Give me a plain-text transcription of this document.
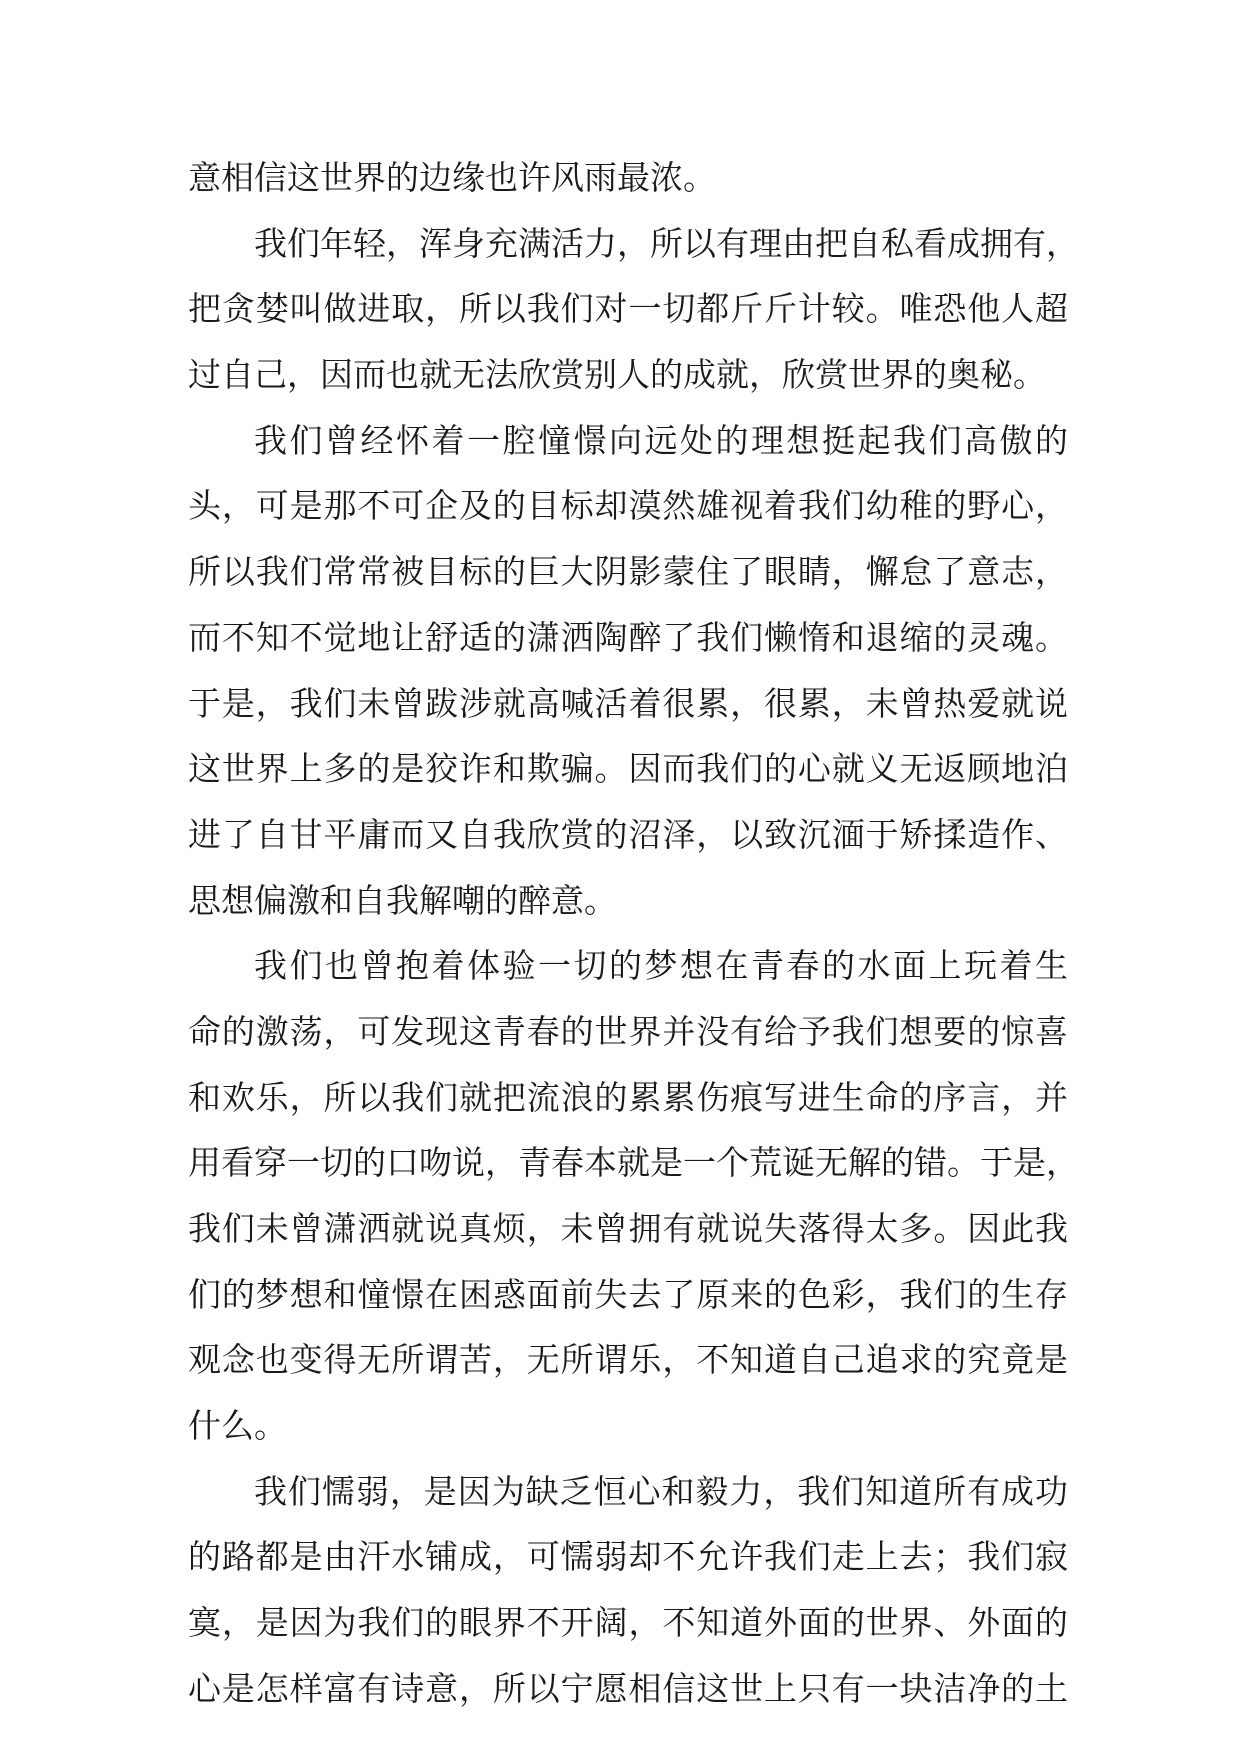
意相信这世界的边缘也许风雨最浓。
我们年轻，浑身充满活力，所以有理由把自私看成拥有，
把贪婪叫做进取，所以我们对一切都斤斤计较。唯恐他人超
过自己，因而也就无法欣赏别人的成就，欣赏世界的奥秘。
我们曾经怀着一腔憧憬向远处的理想挺起我们高傲的
头，可是那不可企及的目标却漠然雄视着我们幼稚的野心，
所以我们常常被目标的巨大阴影蒙住了眼睛，懈怠了意志，
而不知不觉地让舒适的潇洒陶醉了我们懒惰和退缩的灵魂。
于是，我们未曾跋涉就高喊活着很累，很累，未曾热爱就说
这世界上多的是狡诈和欺骗。因而我们的心就义无返顾地泊
进了自甘平庸而又自我欣赏的沼泽，以致沉湎于矫揉造作、
思想偏激和自我解嘲的醉意。
我们也曾抱着体验一切的梦想在青春的水面上玩着生
命的激荡，可发现这青春的世界并没有给予我们想要的惊喜
和欢乐，所以我们就把流浪的累累伤痕写进生命的序言，并
用看穿一切的口吻说，青春本就是一个荒诞无解的错。于是，
我们未曾潇洒就说真烦，未曾拥有就说失落得太多。因此我
们的梦想和憧憬在困惑面前失去了原来的色彩，我们的生存
观念也变得无所谓苦，无所谓乐，不知道自己追求的究竟是
什么。
我们懦弱，是因为缺乏恒心和毅力，我们知道所有成功
的路都是由汗水铺成，可懦弱却不允许我们走上去；我们寂
寞，是因为我们的眼界不开阔，不知道外面的世界、外面的
心是怎样富有诗意，所以宁愿相信这世上只有一块洁净的土
